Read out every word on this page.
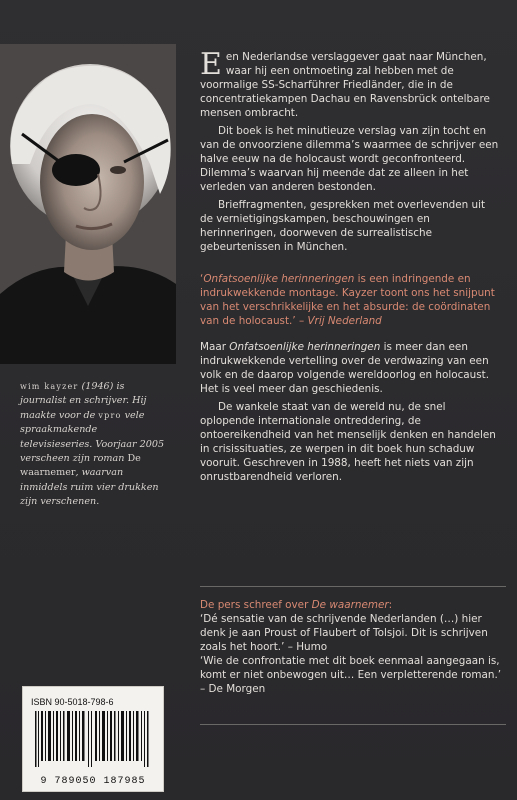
wim kayzer (1946) is journalist en schrijver. Hij maakte voor de vpro vele spraakmakende televisieseries. Voorjaar 2005 verscheen zijn roman De waarnemer, waarvan inmiddels ruim vier drukken zijn verschenen.

Een Nederlandse verslaggever gaat naar München, waar hij een ontmoeting zal hebben met de voormalige SS-Scharführer Friedländer, die in de concentratiekampen Dachau en Ravensbrück ontelbare mensen ombracht.

Dit boek is het minutieuze verslag van zijn tocht en van de onvoorziene dilemma’s waarmee de schrijver een halve eeuw na de holocaust wordt geconfronteerd. Dilemma’s waarvan hij meende dat ze alleen in het verleden van anderen bestonden.

Brieffragmenten, gesprekken met overlevenden uit de vernietigingskampen, beschouwingen en herinneringen, doorweven de surrealistische gebeurtenissen in München.

‘Onfatsoenlijke herinneringen is een indringende en indrukwekkende montage. Kayzer toont ons het snijpunt van het verschrikkelijke en het absurde: de coördinaten van de holocaust.’ – Vrij Nederland

Maar Onfatsoenlijke herinneringen is meer dan een indrukwekkende vertelling over de verdwazing van een volk en de daarop volgende wereldoorlog en holocaust. Het is veel meer dan geschiedenis.

De wankele staat van de wereld nu, de snel oplopende internationale ontreddering, de ontoereikendheid van het menselijk denken en handelen in crisissituaties, ze werpen in dit boek hun schaduw vooruit. Geschreven in 1988, heeft het niets van zijn onrustbarendheid verloren.

De pers schreef over De waarnemer:
‘Dé sensatie van de schrijvende Nederlanden (…) hier denk je aan Proust of Flaubert of Tolsjoi. Dit is schrijven zoals het hoort.’ – Humo
‘Wie de confrontatie met dit boek eenmaal aangegaan is, komt er niet onbewogen uit… Een verpletterende roman.’ – De Morgen
ISBN 90-5018-798-6
9 789050 187985
